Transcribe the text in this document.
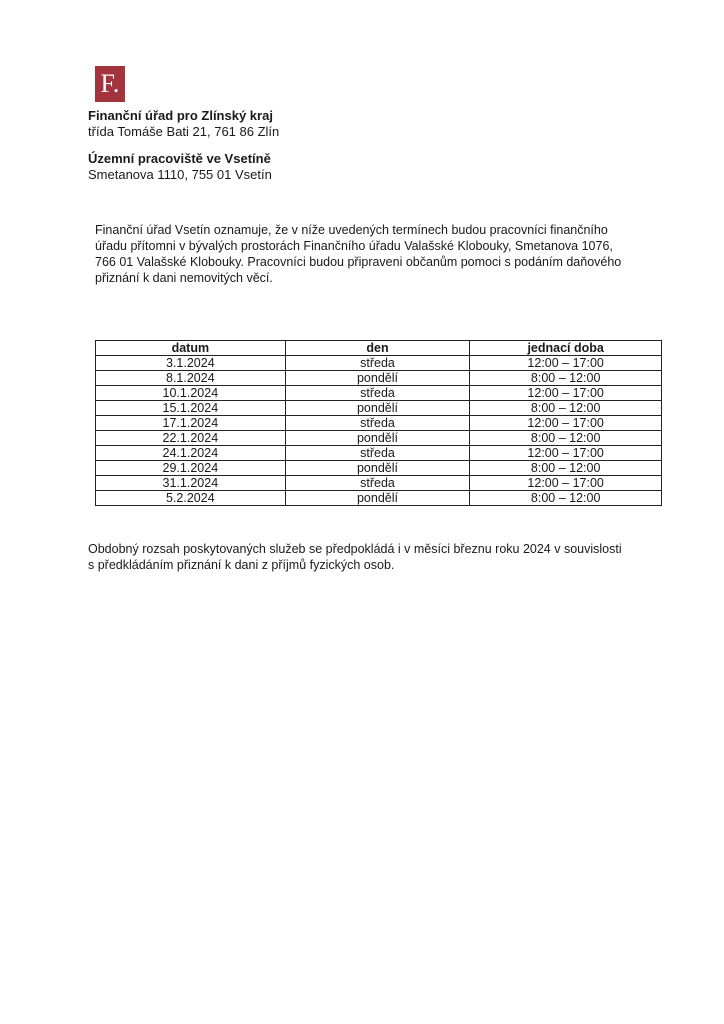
F.
Finanční úřad pro Zlínský kraj
třída Tomáše Bati 21, 761 86 Zlín
Územní pracoviště ve Vsetíně
Smetanova 1110, 755 01 Vsetín
Finanční úřad Vsetín oznamuje, že v níže uvedených termínech budou pracovníci finančního
úřadu přítomni v bývalých prostorách Finančního úřadu Valašské Klobouky, Smetanova 1076,
766 01 Valašské Klobouky. Pracovníci budou připraveni občanům pomoci s podáním daňového
přiznání k dani nemovitých věcí.
datum	den	jednací doba
3.1.2024	středa	12:00 – 17:00
8.1.2024	pondělí	8:00 – 12:00
10.1.2024	středa	12:00 – 17:00
15.1.2024	pondělí	8:00 – 12:00
17.1.2024	středa	12:00 – 17:00
22.1.2024	pondělí	8:00 – 12:00
24.1.2024	středa	12:00 – 17:00
29.1.2024	pondělí	8:00 – 12:00
31.1.2024	středa	12:00 – 17:00
5.2.2024	pondělí	8:00 – 12:00
Obdobný rozsah poskytovaných služeb se předpokládá i v měsíci březnu roku 2024 v souvislosti
s předkládáním přiznání k dani z příjmů fyzických osob.
